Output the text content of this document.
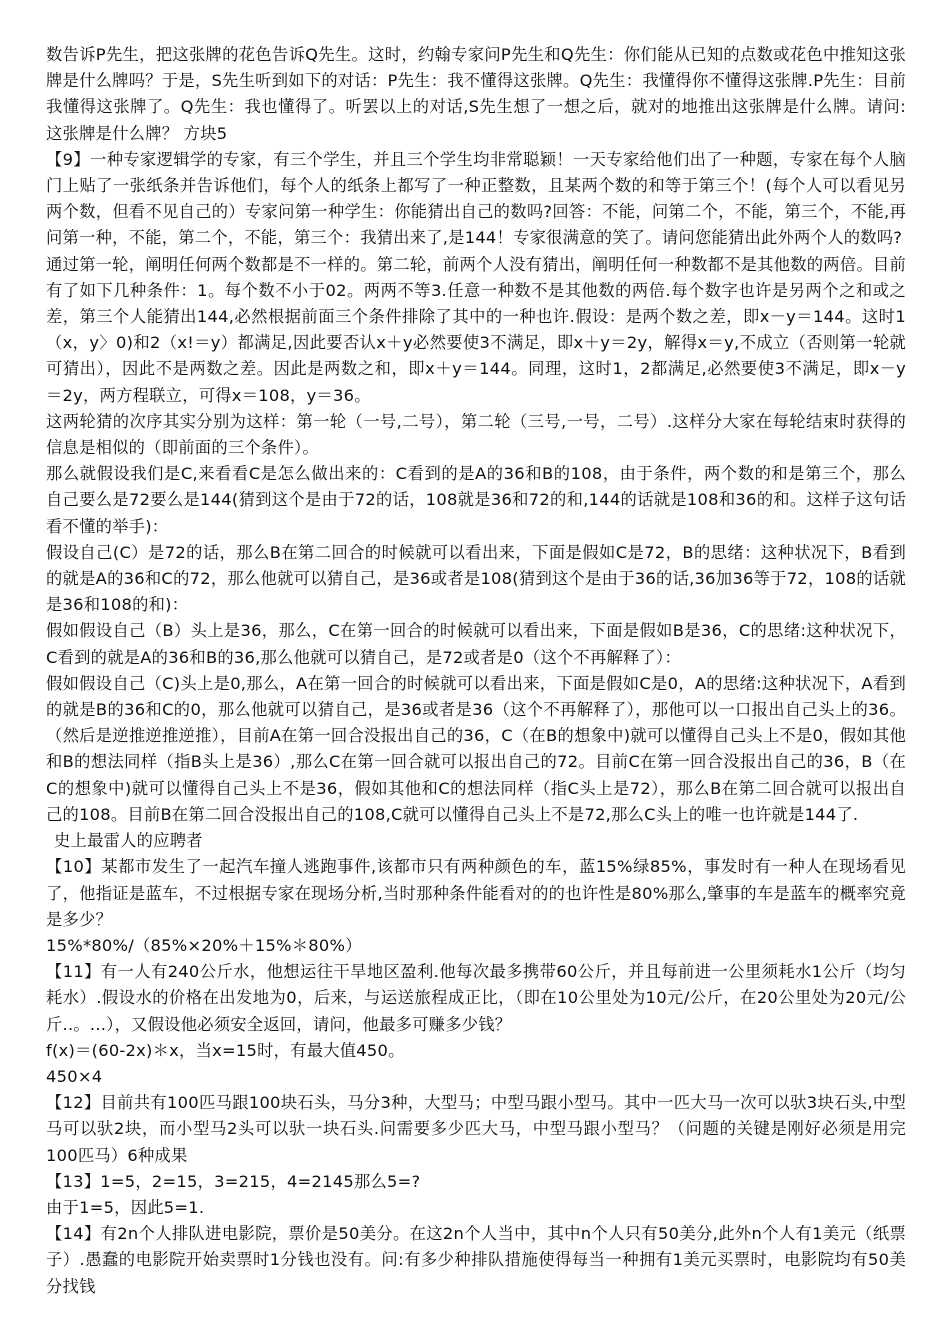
数告诉P先生，把这张牌的花色告诉Q先生。这时，约翰专家问P先生和Q先生：你们能从已知的点数或花色中推知这张牌是什么牌吗？于是，S先生听到如下的对话：P先生：我不懂得这张牌。Q先生：我懂得你不懂得这张牌.P先生：目前我懂得这张牌了。Q先生：我也懂得了。听罢以上的对话,S先生想了一想之后，就对的地推出这张牌是什么牌。请问:这张牌是什么牌？ 方块5

【9】一种专家逻辑学的专家，有三个学生，并且三个学生均非常聪颖！一天专家给他们出了一种题，专家在每个人脑门上贴了一张纸条并告诉他们，每个人的纸条上都写了一种正整数，且某两个数的和等于第三个！(每个人可以看见另两个数，但看不见自己的）专家问第一种学生：你能猜出自己的数吗?回答：不能，问第二个，不能，第三个，不能,再问第一种，不能，第二个，不能，第三个：我猜出来了,是144！专家很满意的笑了。请问您能猜出此外两个人的数吗?

通过第一轮，阐明任何两个数都是不一样的。第二轮，前两个人没有猜出，阐明任何一种数都不是其他数的两倍。目前有了如下几种条件：1。每个数不小于02。两两不等3.任意一种数不是其他数的两倍.每个数字也许是另两个之和或之差，第三个人能猜出144,必然根据前面三个条件排除了其中的一种也许.假设：是两个数之差，即x－y＝144。这时1（x，y〉0)和2（x!＝y）都满足,因此要否认x＋y必然要使3不满足，即x＋y＝2y，解得x＝y,不成立（否则第一轮就可猜出），因此不是两数之差。因此是两数之和，即x＋y＝144。同理，这时1，2都满足,必然要使3不满足，即x－y＝2y，两方程联立，可得x＝108，y＝36。

这两轮猜的次序其实分别为这样：第一轮（一号,二号），第二轮（三号,一号，二号）.这样分大家在每轮结束时获得的信息是相似的（即前面的三个条件）。

那么就假设我们是C,来看看C是怎么做出来的：C看到的是A的36和B的108，由于条件，两个数的和是第三个，那么自己要么是72要么是144(猜到这个是由于72的话，108就是36和72的和,144的话就是108和36的和。这样子这句话看不懂的举手)：

假设自己(C）是72的话，那么B在第二回合的时候就可以看出来，下面是假如C是72，B的思绪：这种状况下，B看到的就是A的36和C的72，那么他就可以猜自己，是36或者是108(猜到这个是由于36的话,36加36等于72，108的话就是36和108的和)：

假如假设自己（B）头上是36，那么，C在第一回合的时候就可以看出来，下面是假如B是36，C的思绪:这种状况下，C看到的就是A的36和B的36,那么他就可以猜自己，是72或者是0（这个不再解释了）：

假如假设自己（C)头上是0,那么，A在第一回合的时候就可以看出来，下面是假如C是0，A的思绪:这种状况下，A看到的就是B的36和C的0，那么他就可以猜自己，是36或者是36（这个不再解释了），那他可以一口报出自己头上的36。（然后是逆推逆推逆推），目前A在第一回合没报出自己的36，C（在B的想象中)就可以懂得自己头上不是0，假如其他和B的想法同样（指B头上是36）,那么C在第一回合就可以报出自己的72。目前C在第一回合没报出自己的36，B（在C的想象中)就可以懂得自己头上不是36，假如其他和C的想法同样（指C头上是72），那么B在第二回合就可以报出自己的108。目前B在第二回合没报出自己的108,C就可以懂得自己头上不是72,那么C头上的唯一也许就是144了.

史上最雷人的应聘者

【10】某都市发生了一起汽车撞人逃跑事件,该都市只有两种颜色的车，蓝15%绿85%，事发时有一种人在现场看见了，他指证是蓝车，不过根据专家在现场分析,当时那种条件能看对的的也许性是80%那么,肇事的车是蓝车的概率究竟是多少？

15%*80%/（85%×20%＋15%＊80%）

【11】有一人有240公斤水，他想运往干旱地区盈利.他每次最多携带60公斤，并且每前进一公里须耗水1公斤（均匀耗水）.假设水的价格在出发地为0，后来，与运送旅程成正比，（即在10公里处为10元/公斤，在20公里处为20元/公斤..。...），又假设他必须安全返回，请问，他最多可赚多少钱？

f(x)＝(60-2x)＊x，当x=15时，有最大值450。

450×4

【12】目前共有100匹马跟100块石头，马分3种，大型马；中型马跟小型马。其中一匹大马一次可以驮3块石头,中型马可以驮2块，而小型马2头可以驮一块石头.问需要多少匹大马，中型马跟小型马？（问题的关键是刚好必须是用完100匹马）6种成果

【13】1=5，2=15，3=215，4=2145那么5=?

由于1=5，因此5=1.

【14】有2n个人排队进电影院，票价是50美分。在这2n个人当中，其中n个人只有50美分,此外n个人有1美元（纸票子）.愚蠢的电影院开始卖票时1分钱也没有。问:有多少种排队措施使得每当一种拥有1美元买票时，电影院均有50美分找钱
